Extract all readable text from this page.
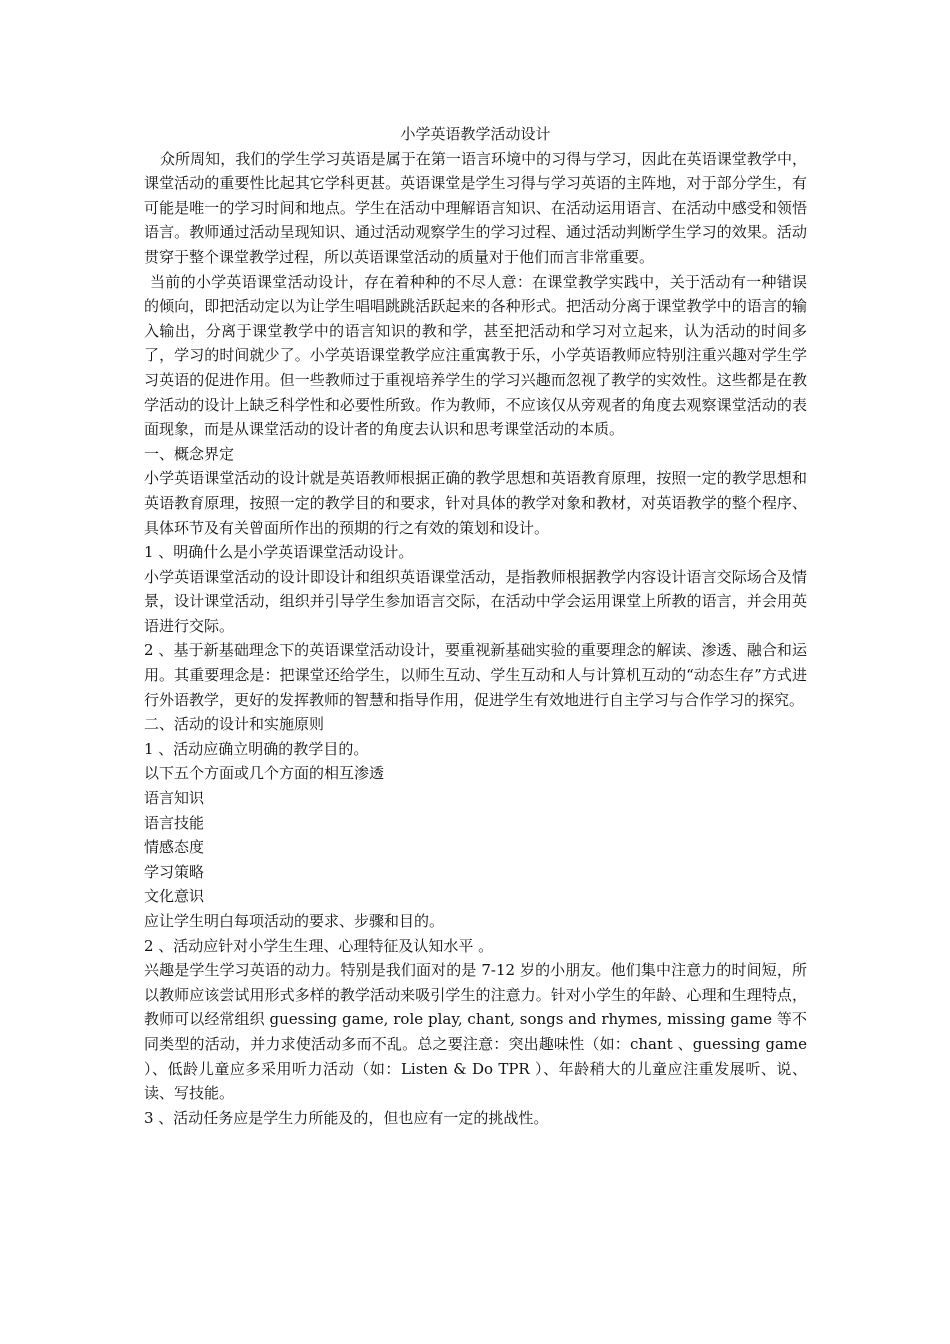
小学英语教学活动设计

众所周知，我们的学生学习英语是属于在第一语言环境中的习得与学习，因此在英语课堂教学中，课堂活动的重要性比起其它学科更甚。英语课堂是学生习得与学习英语的主阵地，对于部分学生，有可能是唯一的学习时间和地点。学生在活动中理解语言知识、在活动运用语言、在活动中感受和领悟语言。教师通过活动呈现知识、通过活动观察学生的学习过程、通过活动判断学生学习的效果。活动贯穿于整个课堂教学过程，所以英语课堂活动的质量对于他们而言非常重要。

当前的小学英语课堂活动设计，存在着种种的不尽人意：在课堂教学实践中，关于活动有一种错误的倾向，即把活动定以为让学生唱唱跳跳活跃起来的各种形式。把活动分离于课堂教学中的语言的输入输出，分离于课堂教学中的语言知识的教和学，甚至把活动和学习对立起来，认为活动的时间多了，学习的时间就少了。小学英语课堂教学应注重寓教于乐，小学英语教师应特别注重兴趣对学生学习英语的促进作用。但一些教师过于重视培养学生的学习兴趣而忽视了教学的实效性。这些都是在教学活动的设计上缺乏科学性和必要性所致。作为教师，不应该仅从旁观者的角度去观察课堂活动的表面现象，而是从课堂活动的设计者的角度去认识和思考课堂活动的本质。

一、概念界定

小学英语课堂活动的设计就是英语教师根据正确的教学思想和英语教育原理，按照一定的教学思想和英语教育原理，按照一定的教学目的和要求，针对具体的教学对象和教材，对英语教学的整个程序、具体环节及有关曾面所作出的预期的行之有效的策划和设计。

1 、明确什么是小学英语课堂活动设计。

小学英语课堂活动的设计即设计和组织英语课堂活动，是指教师根据教学内容设计语言交际场合及情景，设计课堂活动，组织并引导学生参加语言交际，在活动中学会运用课堂上所教的语言，并会用英语进行交际。

2 、基于新基础理念下的英语课堂活动设计，要重视新基础实验的重要理念的解读、渗透、融合和运用。其重要理念是：把课堂还给学生，以师生互动、学生互动和人与计算机互动的“动态生存”方式进行外语教学，更好的发挥教师的智慧和指导作用，促进学生有效地进行自主学习与合作学习的探究。

二、活动的设计和实施原则

1 、活动应确立明确的教学目的。

以下五个方面或几个方面的相互渗透

语言知识

语言技能

情感态度

学习策略

文化意识

应让学生明白每项活动的要求、步骤和目的。

2 、活动应针对小学生生理、心理特征及认知水平 。

兴趣是学生学习英语的动力。特别是我们面对的是 7-12 岁的小朋友。他们集中注意力的时间短，所以教师应该尝试用形式多样的教学活动来吸引学生的注意力。针对小学生的年龄、心理和生理特点，教师可以经常组织 guessing game, role play, chant, songs and rhymes, missing game 等不同类型的活动，并力求使活动多而不乱。总之要注意：突出趣味性（如：chant 、guessing game ）、低龄儿童应多采用听力活动（如：Listen & Do TPR ）、年龄稍大的儿童应注重发展听、说、读、写技能。

3 、活动任务应是学生力所能及的，但也应有一定的挑战性。
